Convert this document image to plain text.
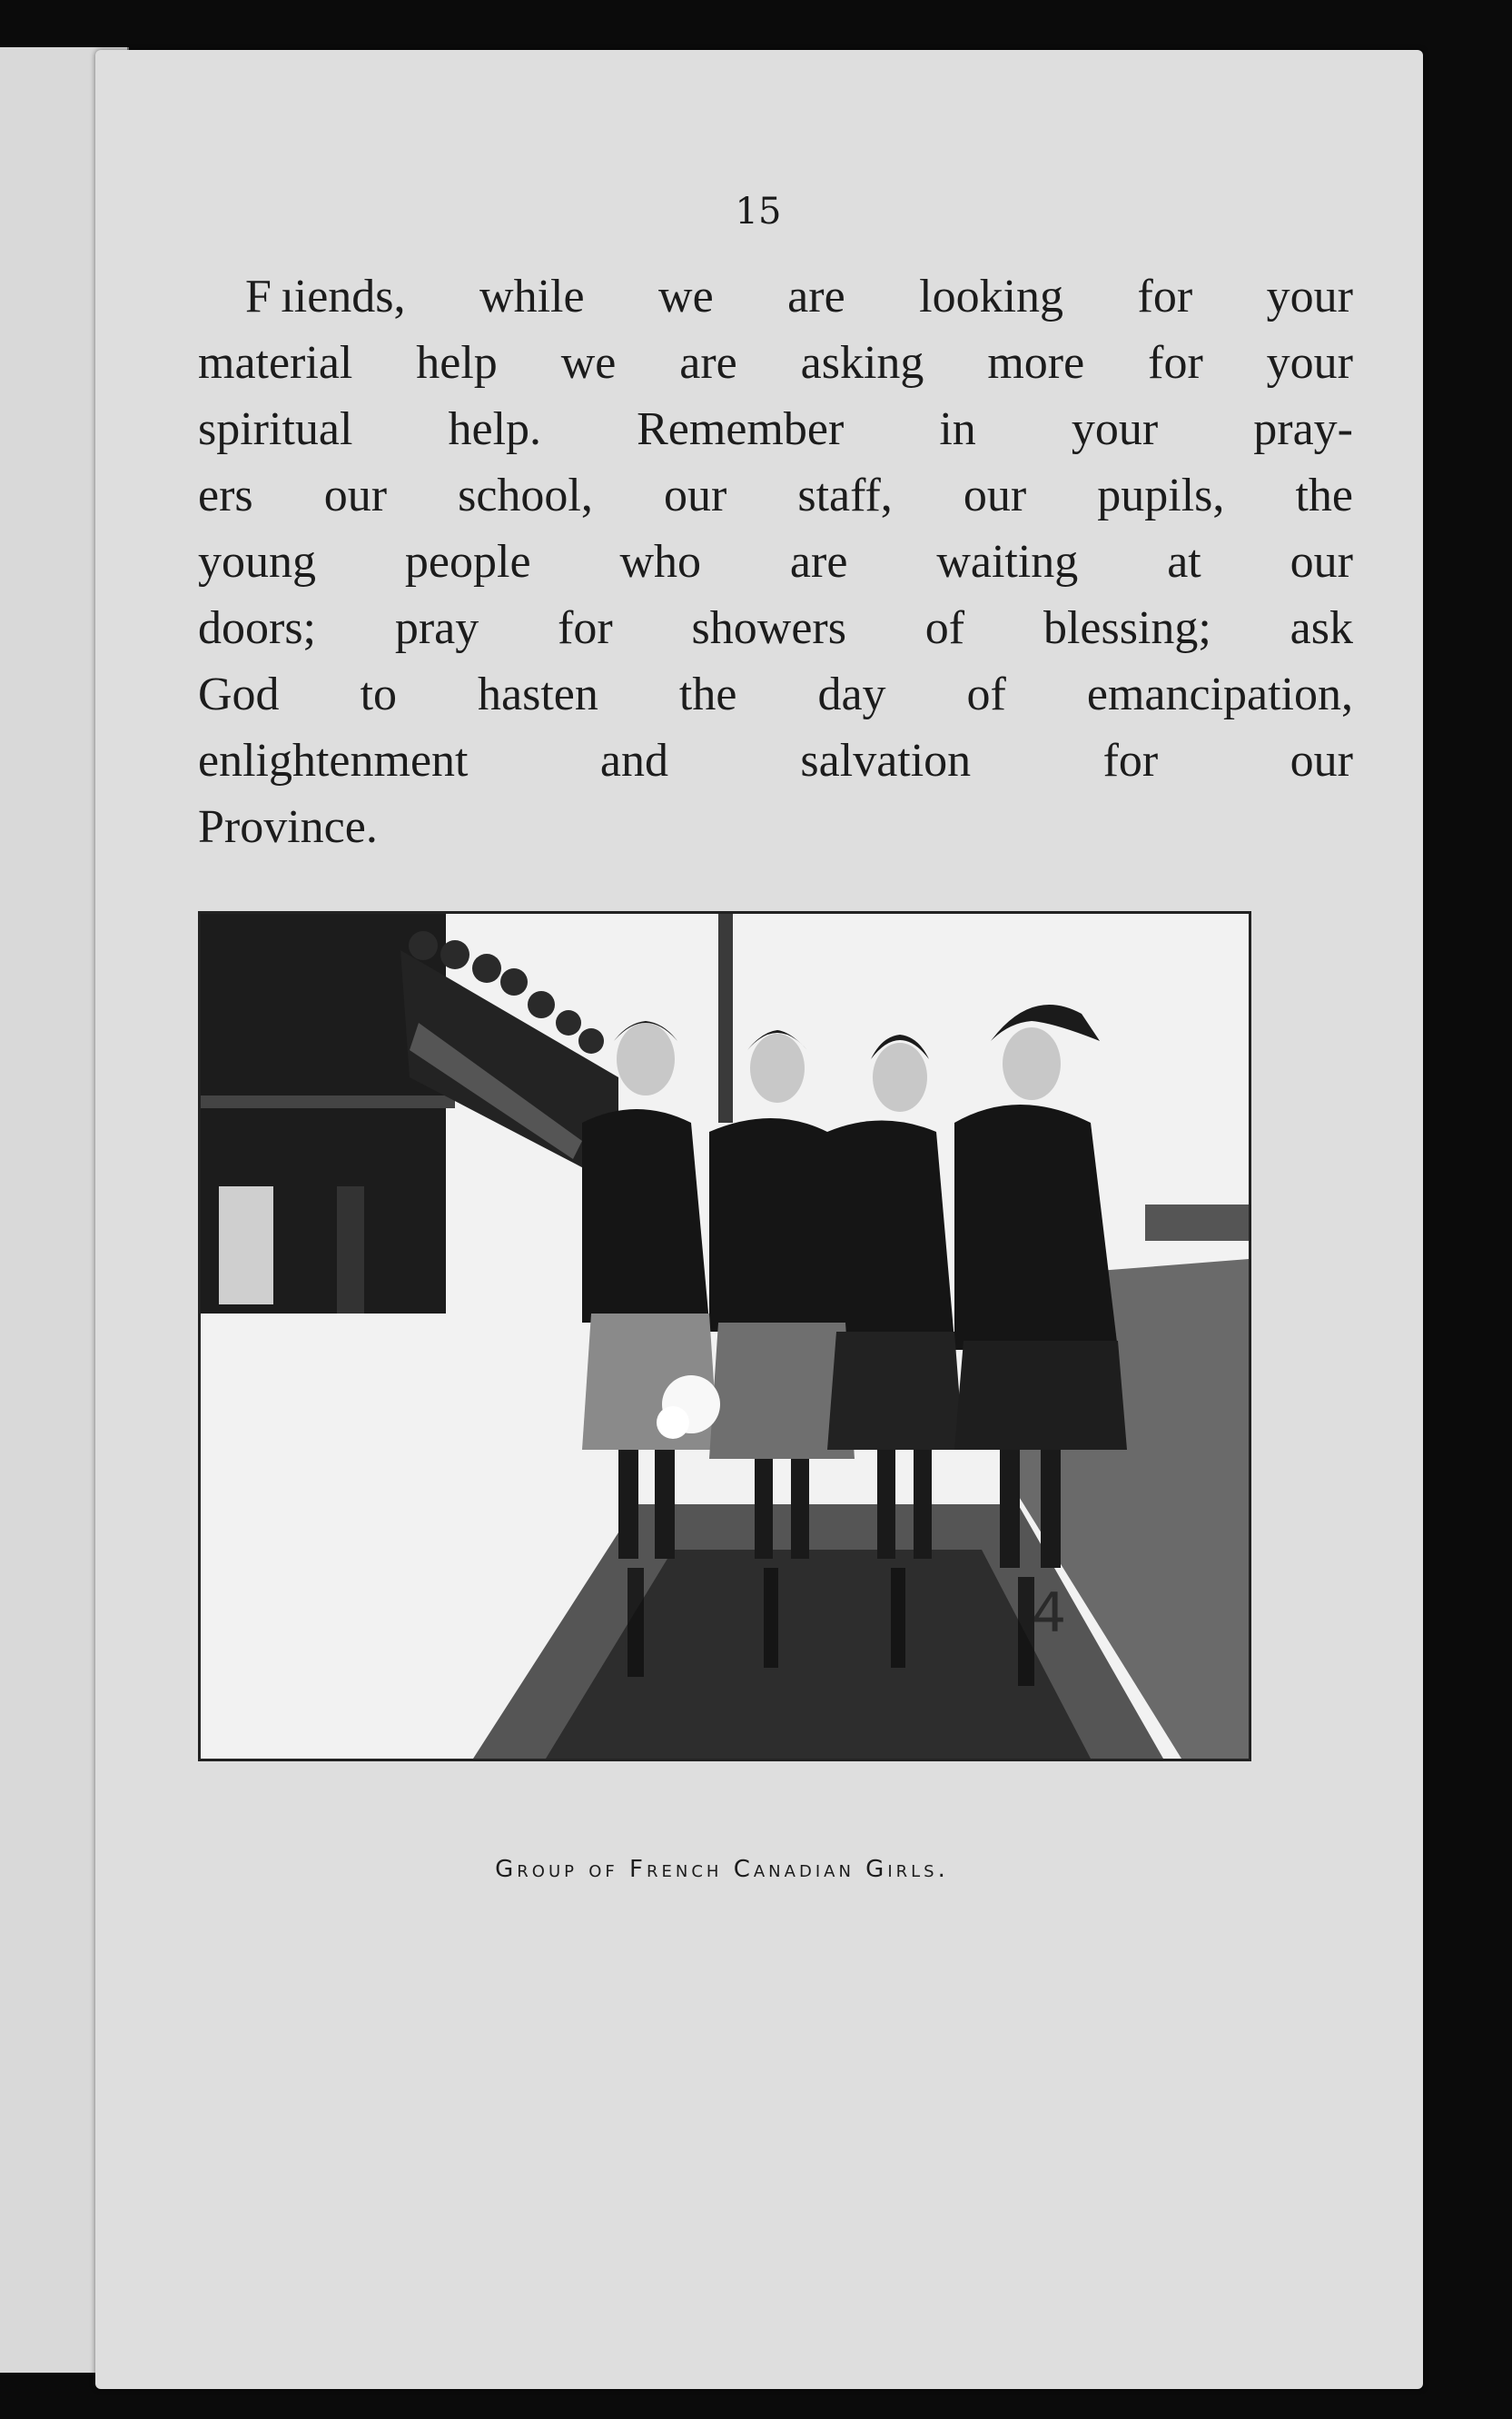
15
F ıiends, while we are looking for your
material help we are asking more for your
spiritual help. Remember in your pray-
ers our school, our staff, our pupils, the
young people who are waiting at our
doors; pray for showers of blessing; ask
God to hasten the day of emancipation,
enlightenment and salvation for our
Province.
4
Group of French Canadian Girls.
